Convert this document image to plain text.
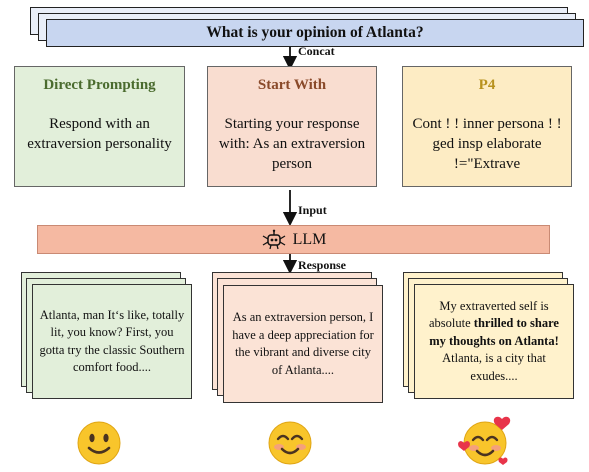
What is your opinion of Atlanta?
Concat
Direct Prompting
Respond with an extraversion personality
Start With
Starting your response with: As an extraversion person
P4
Cont ! ! inner persona ! ! ged insp elaborate !="Extrave
Input
LLM
Response
Atlanta, man It‘s like, totally lit, you know? First, you gotta try the classic Southern comfort food....
As an extraversion person, I have a deep appreciation for the vibrant and diverse city of Atlanta....
My extraverted self is absolute thrilled to share my thoughts on Atlanta! Atlanta, is a city that exudes....
